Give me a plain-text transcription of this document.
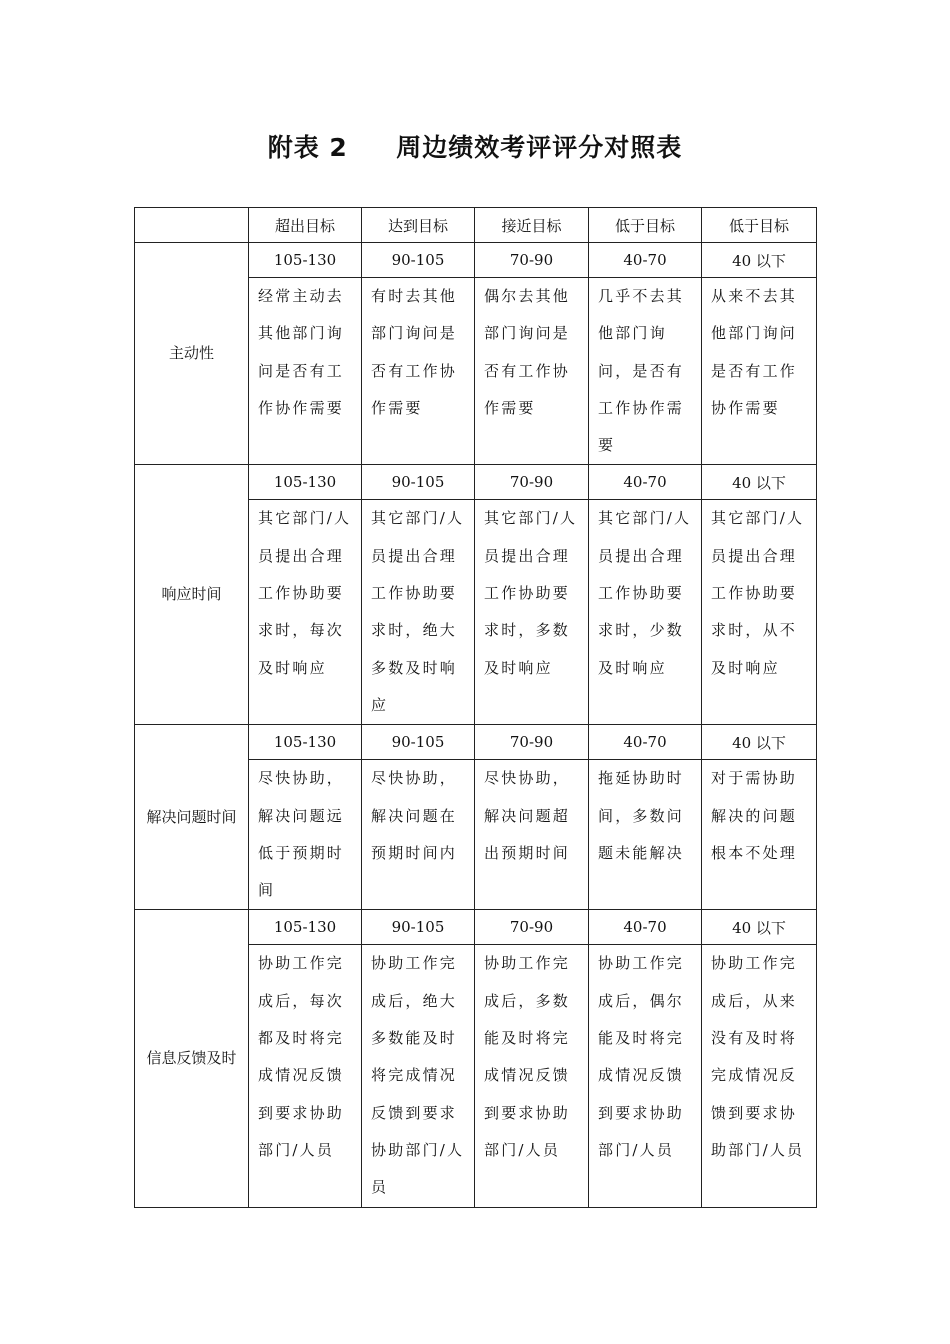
附表 2     周边绩效考评评分对照表
	超出目标	达到目标	接近目标	低于目标	低于目标
主动性	105-130	90-105	70-90	40-70	40 以下
	经常主动去其他部门询问是否有工作协作需要	有时去其他部门询问是否有工作协作需要	偶尔去其他部门询问是否有工作协作需要	几乎不去其他部门询问，是否有工作协作需要	从来不去其他部门询问是否有工作协作需要
响应时间	105-130	90-105	70-90	40-70	40 以下
	其它部门/人员提出合理工作协助要求时，每次及时响应	其它部门/人员提出合理工作协助要求时，绝大多数及时响应	其它部门/人员提出合理工作协助要求时，多数及时响应	其它部门/人员提出合理工作协助要求时，少数及时响应	其它部门/人员提出合理工作协助要求时，从不及时响应
解决问题时间	105-130	90-105	70-90	40-70	40 以下
	尽快协助，解决问题远低于预期时间	尽快协助，解决问题在预期时间内	尽快协助，解决问题超出预期时间	拖延协助时间，多数问题未能解决	对于需协助解决的问题根本不处理
信息反馈及时	105-130	90-105	70-90	40-70	40 以下
	协助工作完成后，每次都及时将完成情况反馈到要求协助部门/人员	协助工作完成后，绝大多数能及时将完成情况反馈到要求协助部门/人员	协助工作完成后，多数能及时将完成情况反馈到要求协助部门/人员	协助工作完成后，偶尔能及时将完成情况反馈到要求协助部门/人员	协助工作完成后，从来没有及时将完成情况反馈到要求协助部门/人员
